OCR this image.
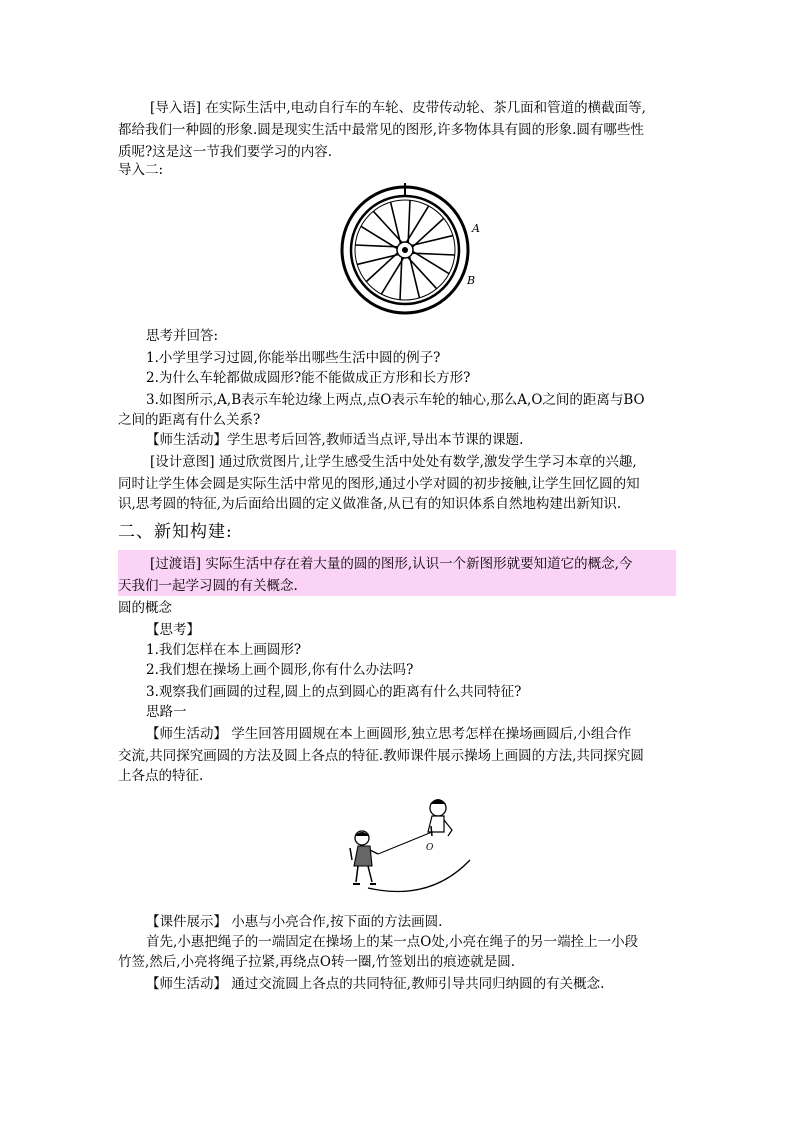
[导入语] 在实际生活中,电动自行车的车轮、皮带传动轮、茶几面和管道的横截面等,
都给我们一种圆的形象.圆是现实生活中最常见的图形,许多物体具有圆的形象.圆有哪些性
质呢?这是这一节我们要学习的内容.
导入二:
A
B
思考并回答:
1.小学里学习过圆,你能举出哪些生活中圆的例子?
2.为什么车轮都做成圆形?能不能做成正方形和长方形?
3.如图所示,A,B表示车轮边缘上两点,点O表示车轮的轴心,那么A,O之间的距离与BO
之间的距离有什么关系?
【师生活动】学生思考后回答,教师适当点评,导出本节课的课题.
[设计意图] 通过欣赏图片,让学生感受生活中处处有数学,激发学生学习本章的兴趣,
同时让学生体会圆是实际生活中常见的图形,通过小学对圆的初步接触,让学生回忆圆的知
识,思考圆的特征,为后面给出圆的定义做准备,从已有的知识体系自然地构建出新知识.
二、新知构建:
[过渡语] 实际生活中存在着大量的圆的图形,认识一个新图形就要知道它的概念,今
天我们一起学习圆的有关概念.
圆的概念
【思考】
1.我们怎样在本上画圆形?
2.我们想在操场上画个圆形,你有什么办法吗?
3.观察我们画圆的过程,圆上的点到圆心的距离有什么共同特征?
思路一
【师生活动】 学生回答用圆规在本上画圆形,独立思考怎样在操场画圆后,小组合作
交流,共同探究画圆的方法及圆上各点的特征.教师课件展示操场上画圆的方法,共同探究圆
上各点的特征.
O
【课件展示】 小惠与小亮合作,按下面的方法画圆.
首先,小惠把绳子的一端固定在操场上的某一点O处,小亮在绳子的另一端拴上一小段
竹签,然后,小亮将绳子拉紧,再绕点O转一圈,竹签划出的痕迹就是圆.
【师生活动】 通过交流圆上各点的共同特征,教师引导共同归纳圆的有关概念.
